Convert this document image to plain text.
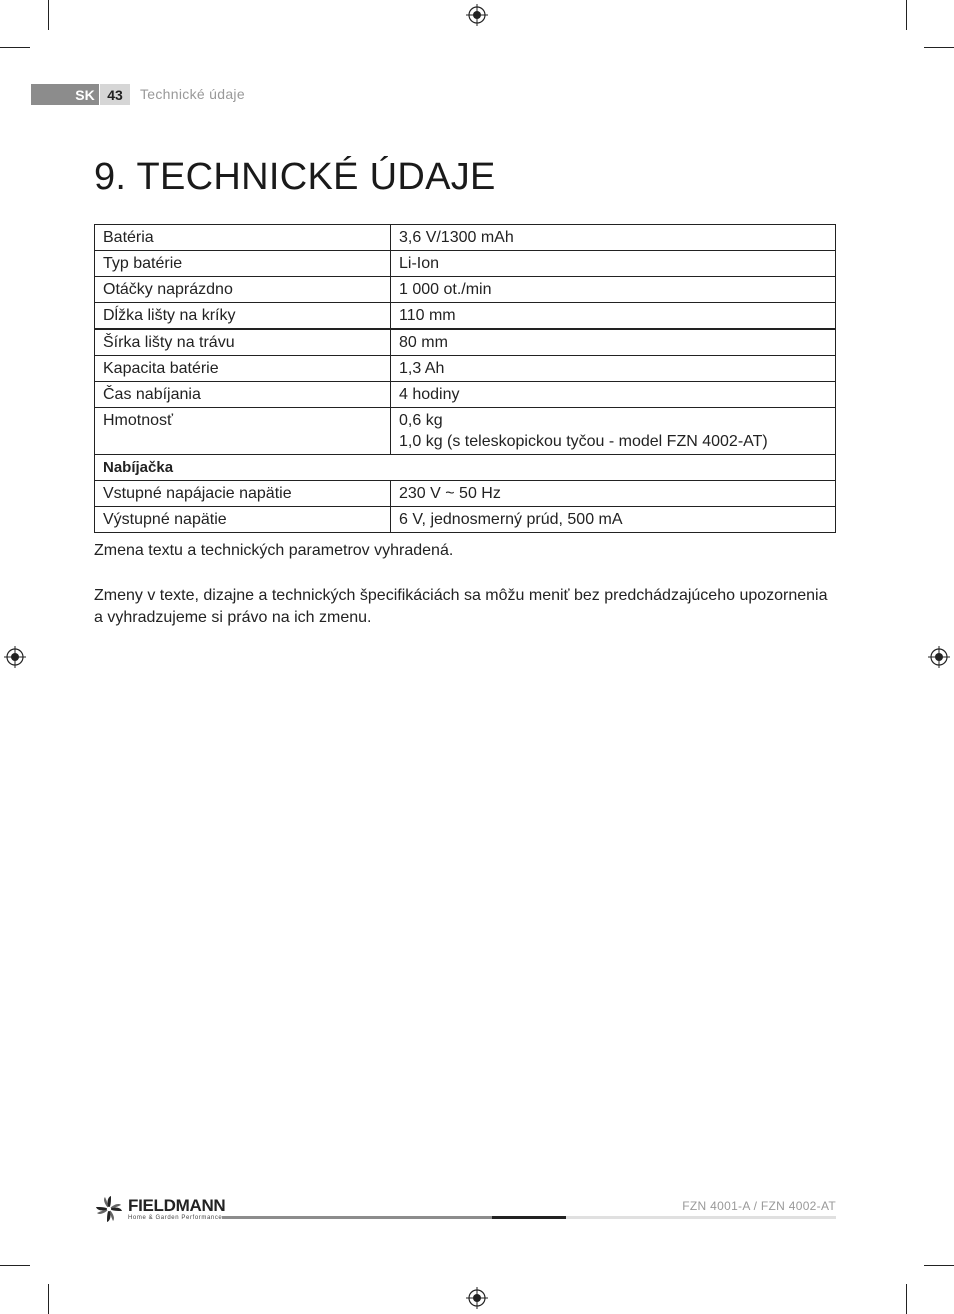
SK 43	Technické údaje
9. TECHNICKÉ ÚDAJE
Batéria	3,6 V/1300 mAh
Typ batérie	Li-Ion
Otáčky naprázdno	1 000 ot./min
Dĺžka lišty na kríky	110 mm
Šírka lišty na trávu	80 mm
Kapacita batérie	1,3 Ah
Čas nabíjania	4 hodiny
Hmotnosť	0,6 kg
1,0 kg (s teleskopickou tyčou - model FZN 4002-AT)

Nabíjačka	
Vstupné napájacie napätie	230 V ~ 50 Hz
Výstupné napätie	6 V, jednosmerný prúd, 500 mA
Zmena textu a technických parametrov vyhradená.
Zmeny v texte, dizajne a technických špecifikáciách sa môžu meniť bez predchádzajúceho upozornenia
a vyhradzujeme si právo na ich zmenu.
FIELDMANN
Home & Garden Performance
FZN 4001-A / FZN 4002-AT
